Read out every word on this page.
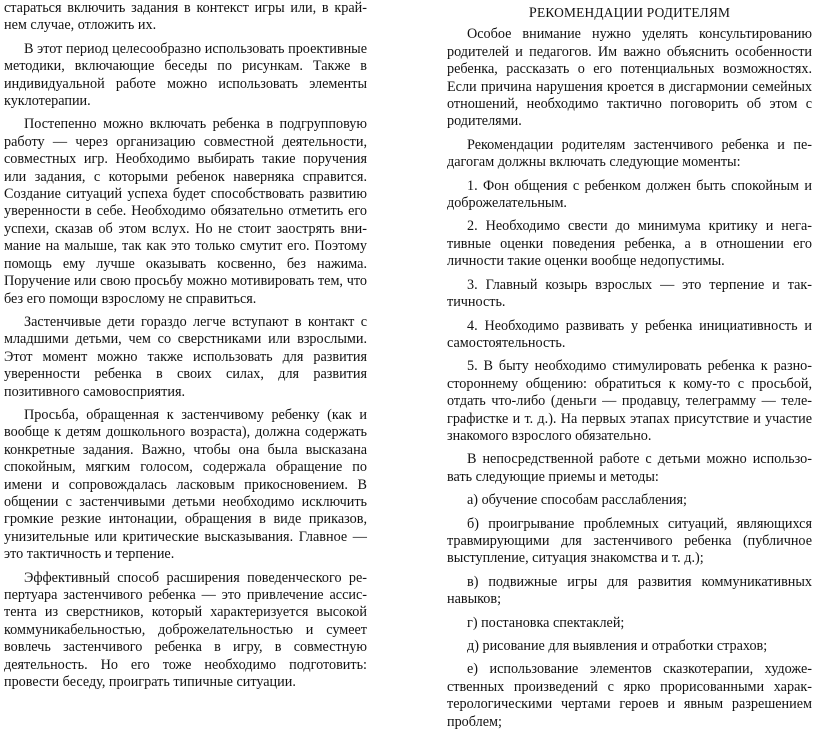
стараться включить задания в контекст игры или, в крайнем случае, отложить их.

В этот период целесообразно использовать проективные методики, включающие беседы по рисункам. Также в индивидуальной работе можно использовать элементы куклотерапии.

Постепенно можно включать ребенка в подгрупповую работу — через организацию совместной деятельности, совместных игр. Необходимо выбирать такие поручения или задания, с которыми ребенок наверняка справится. Создание ситуаций успеха будет способствовать развитию уверенности в себе. Необходимо обязательно отметить его успехи, сказав об этом вслух. Но не стоит заострять внимание на малыше, так как это только смутит его. Поэтому помощь ему лучше оказывать косвенно, без нажима. Поручение или свою просьбу можно мотивировать тем, что без его помощи взрослому не справиться.

Застенчивые дети гораздо легче вступают в контакт с младшими детьми, чем со сверстниками или взрослыми. Этот момент можно также использовать для развития уверенности ребенка в своих силах, для развития позитивного самовосприятия.

Просьба, обращенная к застенчивому ребенку (как и вообще к детям дошкольного возраста), должна содержать конкретные задания. Важно, чтобы она была высказана спокойным, мягким голосом, содержала обращение по имени и сопровождалась ласковым прикосновением. В общении с застенчивыми детьми необходимо исключить громкие резкие интонации, обращения в виде приказов, унизительные или критические высказывания. Главное — это тактичность и терпение.

Эффективный способ расширения поведенческого репертуара застенчивого ребенка — это привлечение ассистента из сверстников, который характеризуется высокой коммуникабельностью, доброжелательностью и сумеет вовлечь застенчивого ребенка в игру, в совместную деятельность. Но его тоже необходимо подготовить: провести беседу, проиграть типичные ситуации.

РЕКОМЕНДАЦИИ РОДИТЕЛЯМ

Особое внимание нужно уделять консультированию родителей и педагогов. Им важно объяснить особенности ребенка, рассказать о его потенциальных возможностях. Если причина нарушения кроется в дисгармонии семейных отношений, необходимо тактично поговорить об этом с родителями.

Рекомендации родителям застенчивого ребенка и педагогам должны включать следующие моменты:

1. Фон общения с ребенком должен быть спокойным и доброжелательным.

2. Необходимо свести до минимума критику и негативные оценки поведения ребенка, а в отношении его личности такие оценки вообще недопустимы.

3. Главный козырь взрослых — это терпение и тактичность.

4. Необходимо развивать у ребенка инициативность и самостоятельность.

5. В быту необходимо стимулировать ребенка к разностороннему общению: обратиться к кому-то с просьбой, отдать что-либо (деньги — продавцу, телеграмму — телеграфистке и т. д.). На первых этапах присутствие и участие знакомого взрослого обязательно.

В непосредственной работе с детьми можно использовать следующие приемы и методы:

а) обучение способам расслабления;

б) проигрывание проблемных ситуаций, являющихся травмирующими для застенчивого ребенка (публичное выступление, ситуация знакомства и т. д.);

в) подвижные игры для развития коммуникативных навыков;

г) постановка спектаклей;

д) рисование для выявления и отработки страхов;

е) использование элементов сказкотерапии, художественных произведений с ярко прорисованными характерологическими чертами героев и явным разрешением проблем;
